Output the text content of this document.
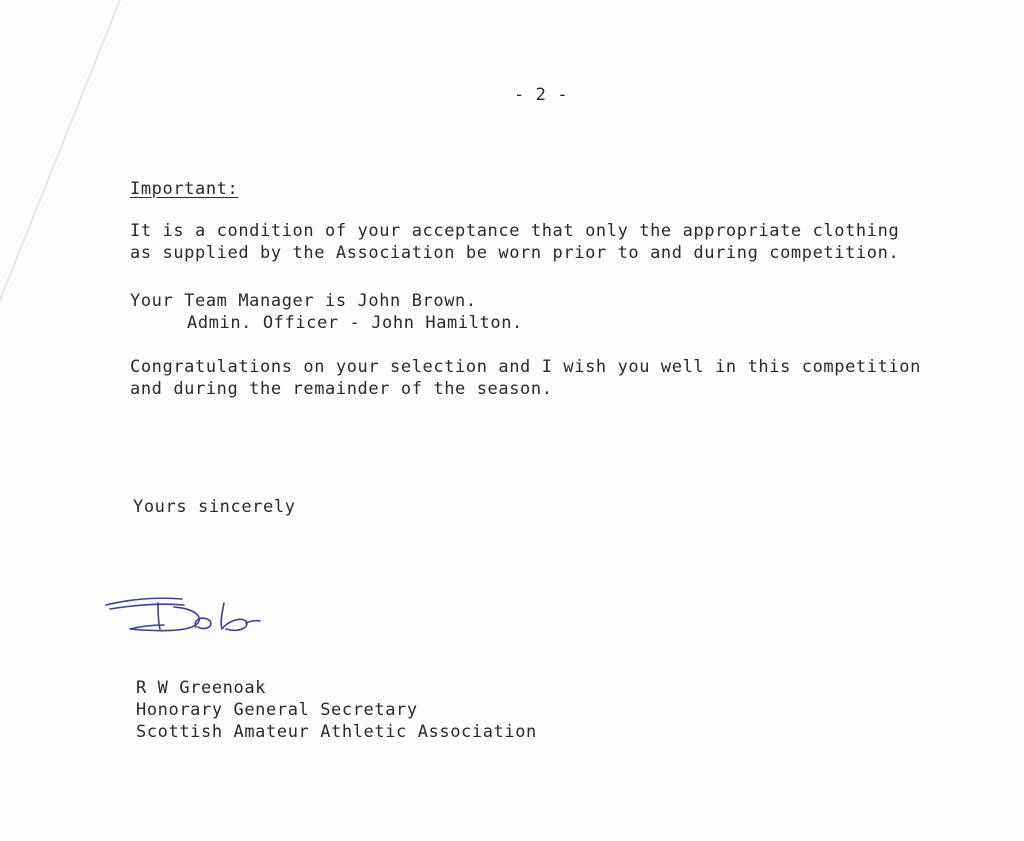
- 2 -
Important:
It is a condition of your acceptance that only the appropriate clothing
as supplied by the Association be worn prior to and during competition.
Your Team Manager is John Brown.
Admin. Officer - John Hamilton.
Congratulations on your selection and I wish you well in this competition
and during the remainder of the season.
Yours sincerely
R W Greenoak
Honorary General Secretary
Scottish Amateur Athletic Association
